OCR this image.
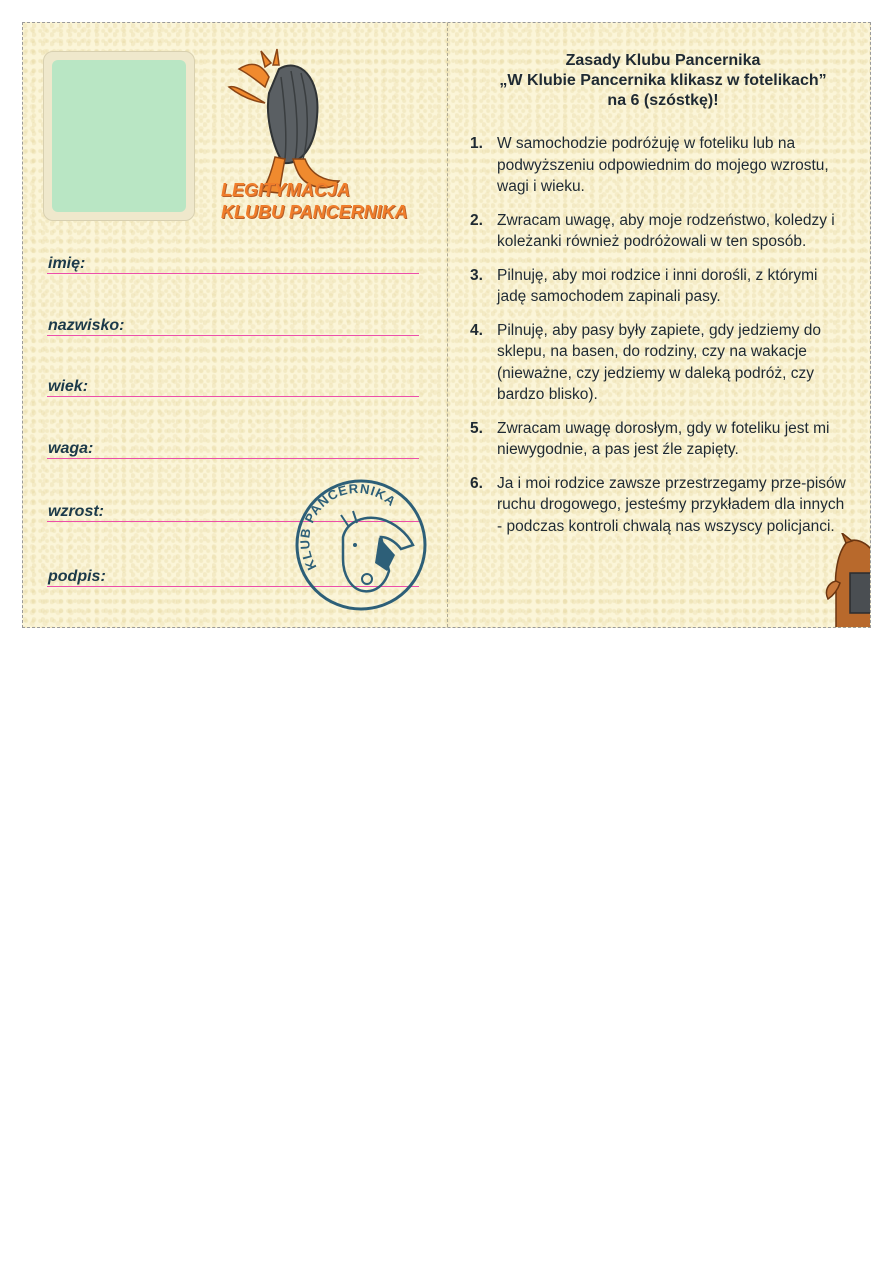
LEGITYMACJA
KLUBU PANCERNIKA
imię:
nazwisko:
wiek:
waga:
wzrost:
podpis:
KLUB PANCERNIKA
Zasady Klubu Pancernika
„W Klubie Pancernika klikasz w fotelikach”
na 6 (szóstkę)!
1. W samochodzie podróżuję w foteliku lub na podwyższeniu odpowiednim do mojego wzrostu, wagi i wieku.
2. Zwracam uwagę, aby moje rodzeństwo, koledzy i koleżanki również podróżowali w ten sposób.
3. Pilnuję, aby moi rodzice i inni dorośli, z którymi jadę samochodem zapinali pasy.
4. Pilnuję, aby pasy były zapiete, gdy jedziemy do sklepu, na basen, do rodziny, czy na wakacje (nieważne, czy jedziemy w daleką podróż, czy bardzo blisko).
5. Zwracam uwagę dorosłym, gdy w foteliku jest mi niewygodnie, a pas jest źle zapięty.
6. Ja i moi rodzice zawsze przestrzegamy prze-pisów ruchu drogowego, jesteśmy przykładem dla innych - podczas kontroli chwalą nas wszyscy policjanci.
